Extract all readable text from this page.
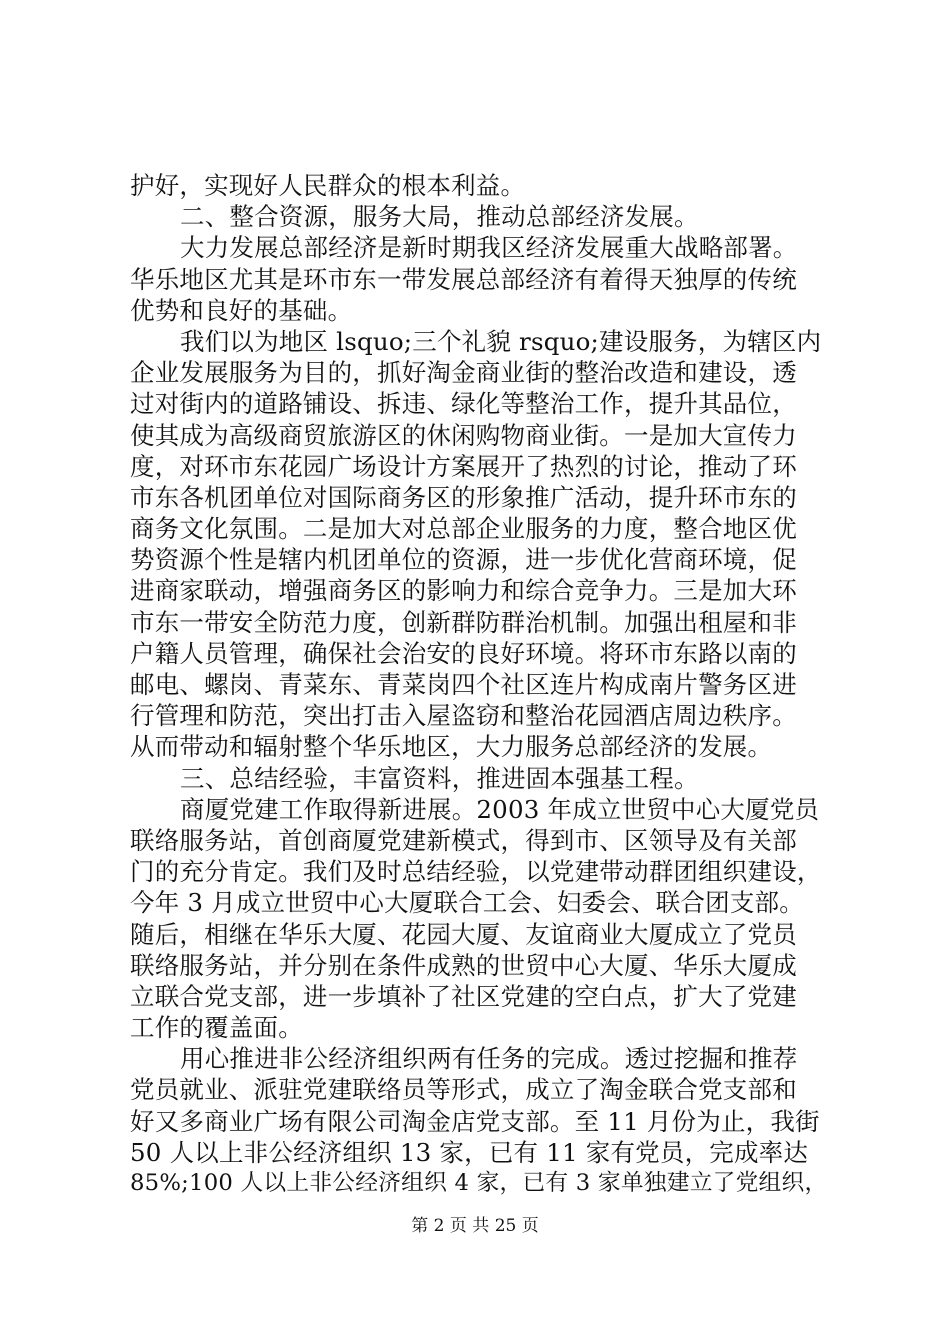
护好，实现好人民群众的根本利益。
二、整合资源，服务大局，推动总部经济发展。
大力发展总部经济是新时期我区经济发展重大战略部署。
华乐地区尤其是环市东一带发展总部经济有着得天独厚的传统
优势和良好的基础。
我们以为地区 lsquo;三个礼貌 rsquo;建设服务，为辖区内
企业发展服务为目的，抓好淘金商业街的整治改造和建设，透
过对街内的道路铺设、拆违、绿化等整治工作，提升其品位，
使其成为高级商贸旅游区的休闲购物商业街。一是加大宣传力
度，对环市东花园广场设计方案展开了热烈的讨论，推动了环
市东各机团单位对国际商务区的形象推广活动，提升环市东的
商务文化氛围。二是加大对总部企业服务的力度，整合地区优
势资源个性是辖内机团单位的资源，进一步优化营商环境，促
进商家联动，增强商务区的影响力和综合竞争力。三是加大环
市东一带安全防范力度，创新群防群治机制。加强出租屋和非
户籍人员管理，确保社会治安的良好环境。将环市东路以南的
邮电、螺岗、青菜东、青菜岗四个社区连片构成南片警务区进
行管理和防范，突出打击入屋盗窃和整治花园酒店周边秩序。
从而带动和辐射整个华乐地区，大力服务总部经济的发展。
三、总结经验，丰富资料，推进固本强基工程。
商厦党建工作取得新进展。2003 年成立世贸中心大厦党员
联络服务站，首创商厦党建新模式，得到市、区领导及有关部
门的充分肯定。我们及时总结经验，以党建带动群团组织建设，
今年 3 月成立世贸中心大厦联合工会、妇委会、联合团支部。
随后，相继在华乐大厦、花园大厦、友谊商业大厦成立了党员
联络服务站，并分别在条件成熟的世贸中心大厦、华乐大厦成
立联合党支部，进一步填补了社区党建的空白点，扩大了党建
工作的覆盖面。
用心推进非公经济组织两有任务的完成。透过挖掘和推荐
党员就业、派驻党建联络员等形式，成立了淘金联合党支部和
好又多商业广场有限公司淘金店党支部。至 11 月份为止，我街
50 人以上非公经济组织 13 家，已有 11 家有党员，完成率达
85%;100 人以上非公经济组织 4 家，已有 3 家单独建立了党组织，
第 2 页 共 25 页
